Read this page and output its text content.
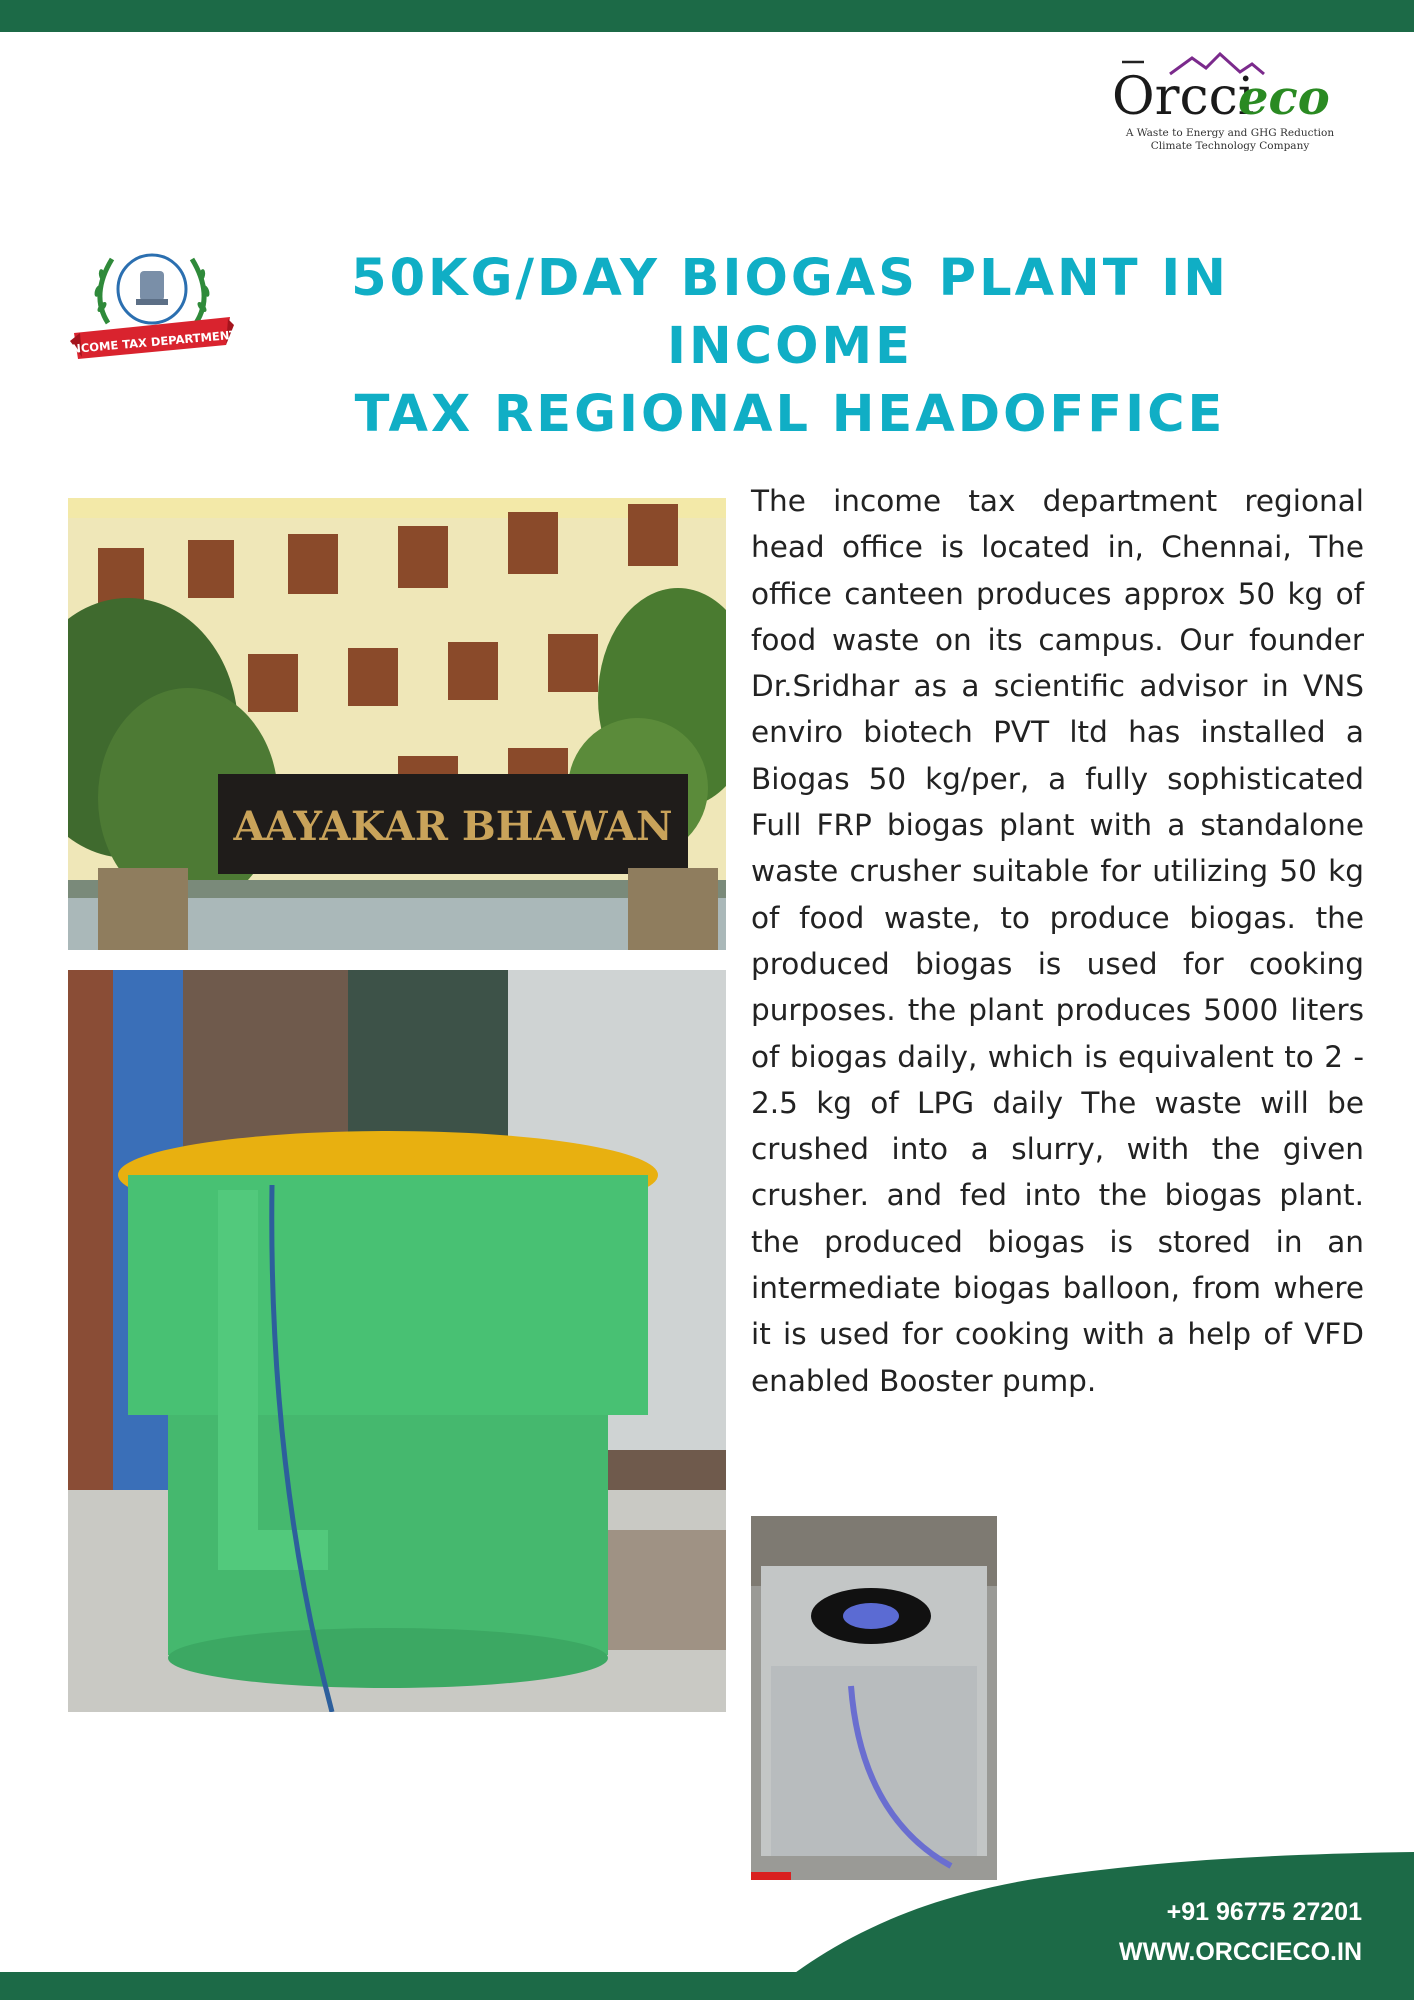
Orcci
eco
A Waste to Energy and GHG Reduction
Climate Technology Company
INCOME TAX DEPARTMENT
50KG/DAY BIOGAS PLANT IN INCOME
TAX REGIONAL HEADOFFICE
AAYAKAR BHAWAN

The income tax department regional head office is located in, Chennai, The office canteen produces approx 50 kg of food waste on its campus. Our founder Dr.Sridhar as a scientific advisor in VNS enviro biotech PVT ltd has installed a Biogas 50 kg/per, a fully sophisticated Full FRP biogas plant with a standalone waste crusher suitable for utilizing 50 kg of food waste, to produce biogas. the produced biogas is used for cooking purposes. the plant produces 5000 liters of biogas daily, which is equivalent to 2 - 2.5 kg of LPG daily The waste will be crushed into a slurry, with the given crusher. and fed into the biogas plant. the produced biogas is stored in an intermediate biogas balloon, from where it is used for cooking with a help of VFD enabled Booster pump.

+91 96775 27201
WWW.ORCCIECO.IN
